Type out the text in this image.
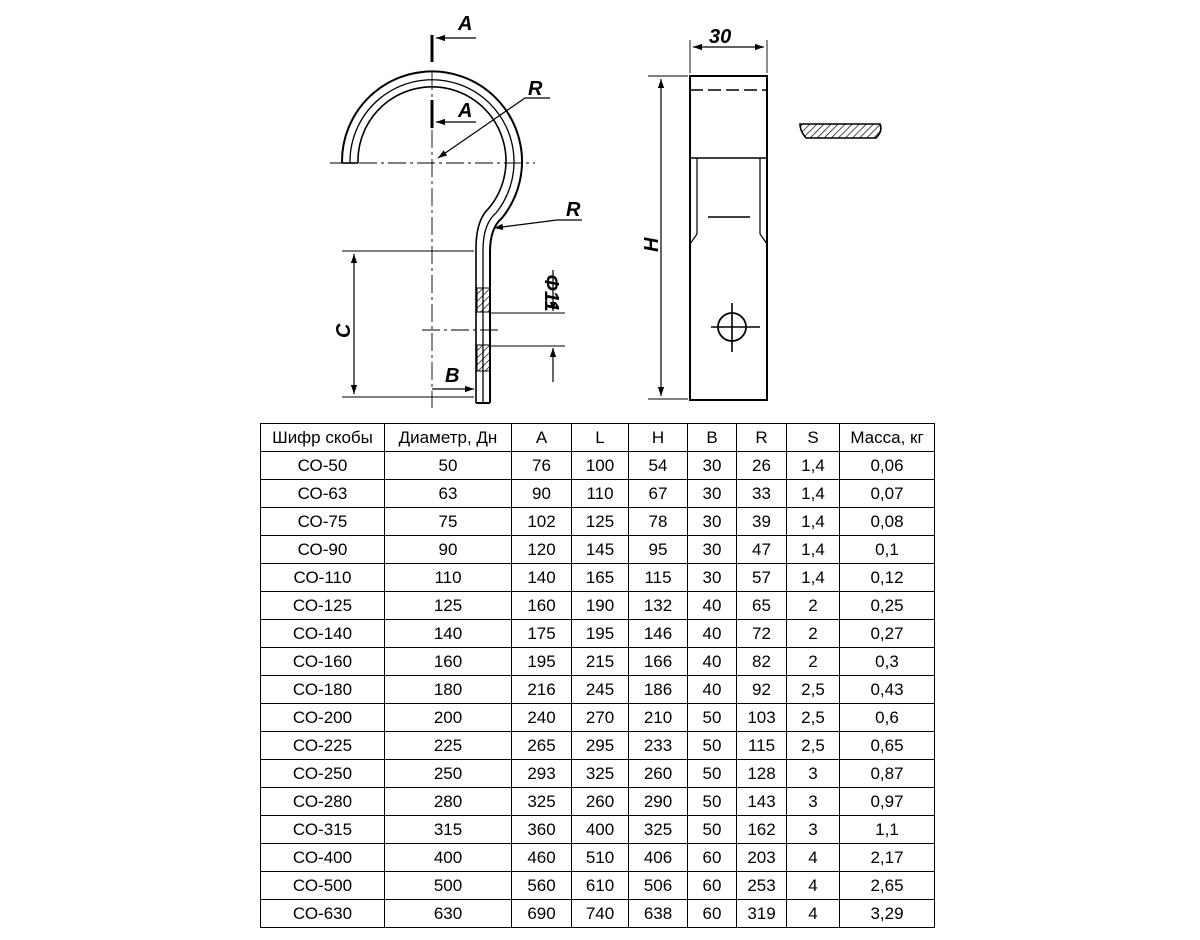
A
A
R
R
C
B
Φ11
30
H
Шифр скобы	Диаметр, Дн	A	L	H	B	R	S	Масса, кг
СО-50	50	76	100	54	30	26	1,4	0,06
СО-63	63	90	110	67	30	33	1,4	0,07
СО-75	75	102	125	78	30	39	1,4	0,08
СО-90	90	120	145	95	30	47	1,4	0,1
СО-110	110	140	165	115	30	57	1,4	0,12
СО-125	125	160	190	132	40	65	2	0,25
СО-140	140	175	195	146	40	72	2	0,27
СО-160	160	195	215	166	40	82	2	0,3
СО-180	180	216	245	186	40	92	2,5	0,43
СО-200	200	240	270	210	50	103	2,5	0,6
СО-225	225	265	295	233	50	115	2,5	0,65
СО-250	250	293	325	260	50	128	3	0,87
СО-280	280	325	260	290	50	143	3	0,97
СО-315	315	360	400	325	50	162	3	1,1
СО-400	400	460	510	406	60	203	4	2,17
СО-500	500	560	610	506	60	253	4	2,65
СО-630	630	690	740	638	60	319	4	3,29
